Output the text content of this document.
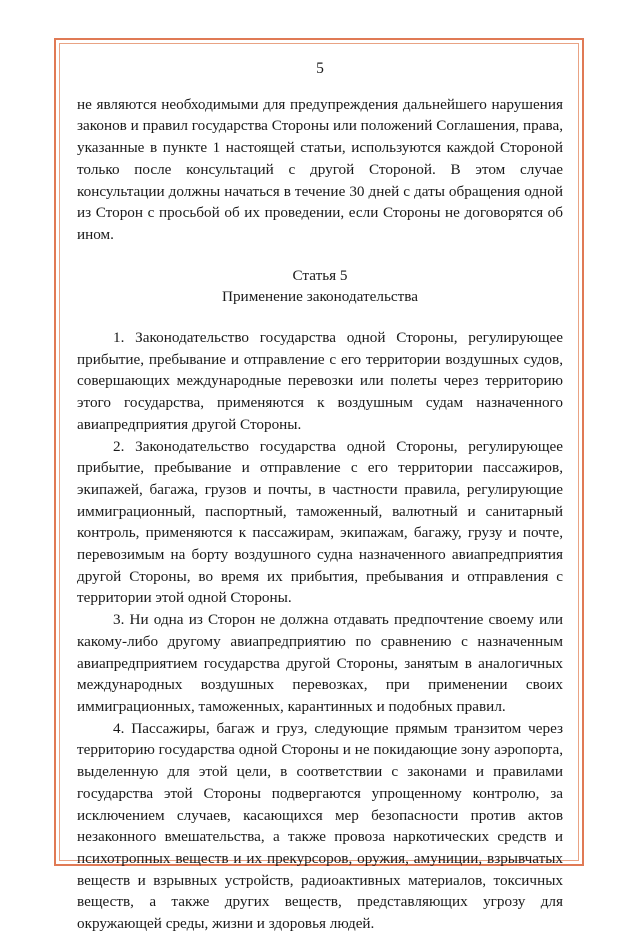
5

не являются необходимыми для предупреждения дальнейшего нарушения законов и правил государства Стороны или положений Соглашения, права, указанные в пункте 1 настоящей статьи, используются каждой Стороной только после консультаций с другой Стороной. В этом случае консультации должны начаться в течение 30 дней с даты обращения одной из Сторон с просьбой об их проведении, если Стороны не договорятся об ином.

Статья 5
Применение законодательства

1. Законодательство государства одной Стороны, регулирующее прибытие, пребывание и отправление с его территории воздушных судов, совершающих международные перевозки или полеты через территорию этого государства, применяются к воздушным судам назначенного авиапредприятия другой Стороны.

2. Законодательство государства одной Стороны, регулирующее прибытие, пребывание и отправление с его территории пассажиров, экипажей, багажа, грузов и почты, в частности правила, регулирующие иммиграционный, паспортный, таможенный, валютный и санитарный контроль, применяются к пассажирам, экипажам, багажу, грузу и почте, перевозимым на борту воздушного судна назначенного авиапредприятия другой Стороны, во время их прибытия, пребывания и отправления с территории этой одной Стороны.

3. Ни одна из Сторон не должна отдавать предпочтение своему или какому-либо другому авиапредприятию по сравнению с назначенным авиапредприятием государства другой Стороны, занятым в аналогичных международных воздушных перевозках, при применении своих иммиграционных, таможенных, карантинных и подобных правил.

4. Пассажиры, багаж и груз, следующие прямым транзитом через территорию государства одной Стороны и не покидающие зону аэропорта, выделенную для этой цели, в соответствии с законами и правилами государства этой Стороны подвергаются упрощенному контролю, за исключением случаев, касающихся мер безопасности против актов незаконного вмешательства, а также провоза наркотических средств и психотропных веществ и их прекурсоров, оружия, амуниции, взрывчатых веществ и взрывных устройств, радиоактивных материалов, токсичных веществ, а также других веществ, представляющих угрозу для окружающей среды, жизни и здоровья людей.
